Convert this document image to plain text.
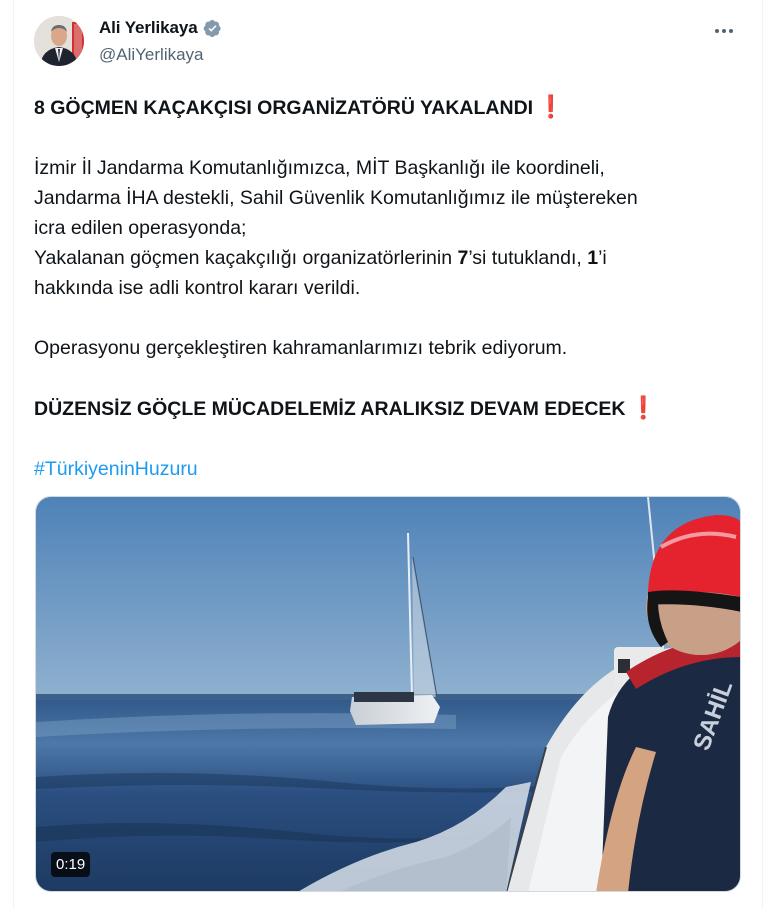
Ali Yerlikaya
@AliYerlikaya

8 GÖÇMEN KAÇAKÇISI ORGANİZATÖRÜ YAKALANDI ❗

İzmir İl Jandarma Komutanlığımızca, MİT Başkanlığı ile koordineli,

Jandarma İHA destekli, Sahil Güvenlik Komutanlığımız ile müştereken

icra edilen operasyonda;

Yakalanan göçmen kaçakçılığı organizatörlerinin 7’si tutuklandı, 1’i

hakkında ise adli kontrol kararı verildi.

Operasyonu gerçekleştiren kahramanlarımızı tebrik ediyorum.

DÜZENSİZ GÖÇLE MÜCADELEMİZ ARALIKSIZ DEVAM EDECEK ❗

#TürkiyeninHuzuru

SAHİL
0:19
